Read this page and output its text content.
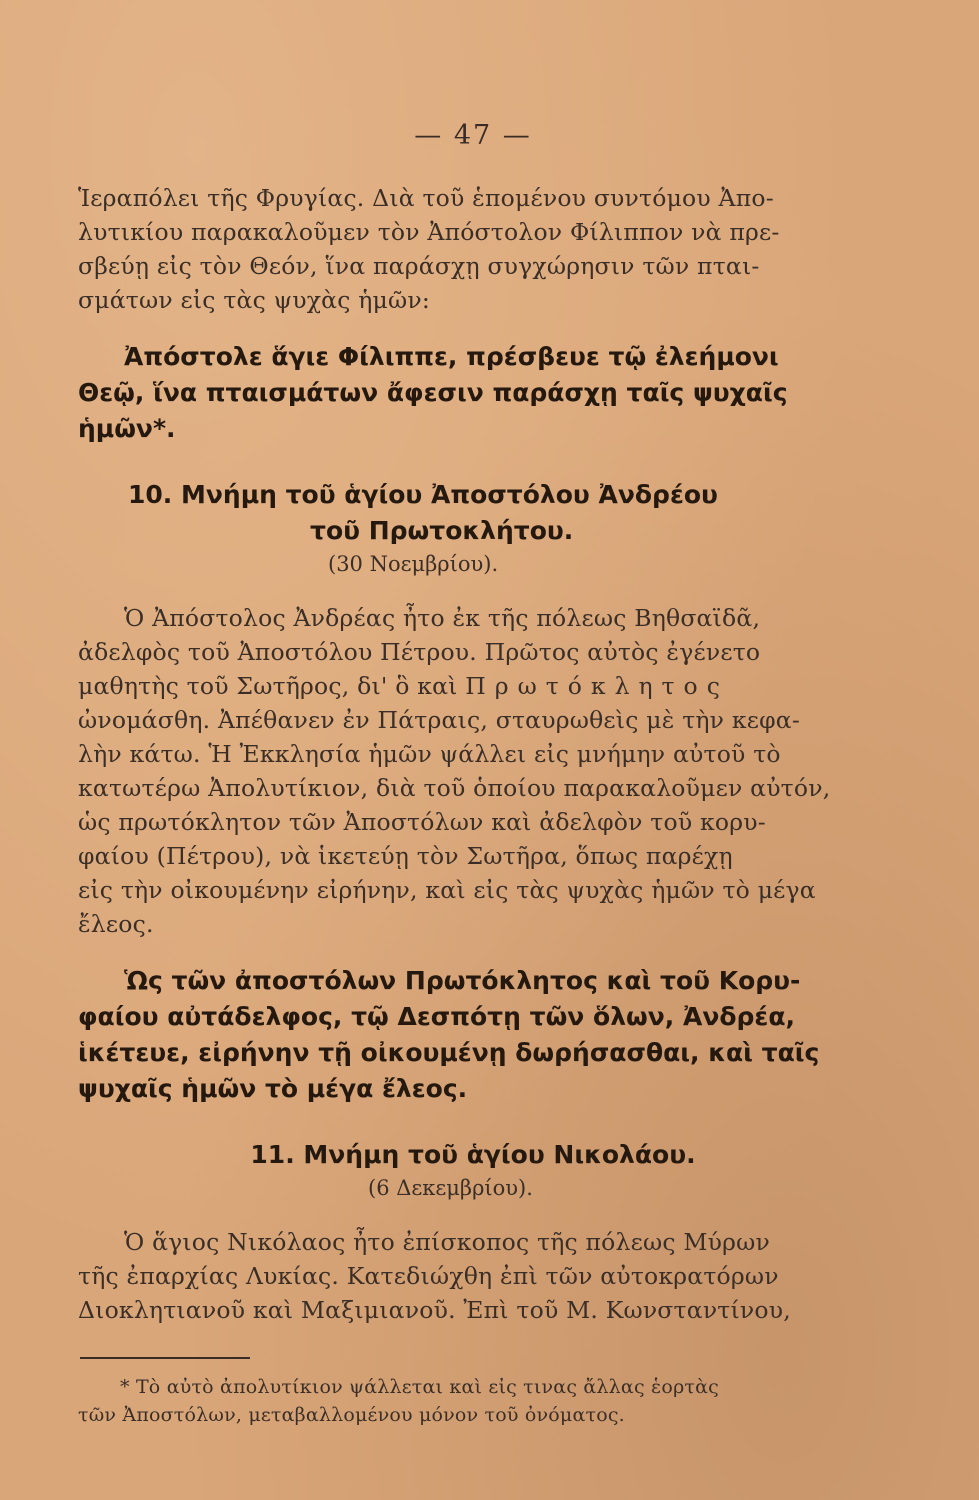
— 47 —

Ἱεραπόλει τῆς Φρυγίας. Διὰ τοῦ ἑπομένου συντόμου Ἀπο-
λυτικίου παρακαλοῦμεν τὸν Ἀπόστολον Φίλιππον νὰ πρε-
σβεύῃ εἰς τὸν Θεόν, ἵνα παράσχῃ συγχώρησιν τῶν πται-
σμάτων εἰς τὰς ψυχὰς ἡμῶν:

Ἀπόστολε ἅγιε Φίλιππε, πρέσβευε τῷ ἐλεήμονι
Θεῷ, ἵνα πταισμάτων ἄφεσιν παράσχῃ ταῖς ψυχαῖς
ἡμῶν*.

10. Μνήμη τοῦ ἁγίου Ἀποστόλου Ἀνδρέου
τοῦ Πρωτοκλήτου.
(30 Νοεμβρίου).

Ὁ Ἀπόστολος Ἀνδρέας ἦτο ἐκ τῆς πόλεως Βηθσαϊδᾶ,
ἀδελφὸς τοῦ Ἀποστόλου Πέτρου. Πρῶτος αὐτὸς ἐγένετο
μαθητὴς τοῦ Σωτῆρος, δι' ὃ καὶ Πρωτόκλητος
ὠνομάσθη. Ἀπέθανεν ἐν Πάτραις, σταυρωθεὶς μὲ τὴν κεφα-
λὴν κάτω. Ἡ Ἐκκλησία ἡμῶν ψάλλει εἰς μνήμην αὐτοῦ τὸ
κατωτέρω Ἀπολυτίκιον, διὰ τοῦ ὁποίου παρακαλοῦμεν αὐτόν,
ὡς πρωτόκλητον τῶν Ἀποστόλων καὶ ἀδελφὸν τοῦ κορυ-
φαίου (Πέτρου), νὰ ἱκετεύῃ τὸν Σωτῆρα, ὅπως παρέχῃ
εἰς τὴν οἰκουμένην εἰρήνην, καὶ εἰς τὰς ψυχὰς ἡμῶν τὸ μέγα
ἔλεος.

Ὡς τῶν ἀποστόλων Πρωτόκλητος καὶ τοῦ Κορυ-
φαίου αὐτάδελφος, τῷ Δεσπότῃ τῶν ὅλων, Ἀνδρέα,
ἱκέτευε, εἰρήνην τῇ οἰκουμένῃ δωρήσασθαι, καὶ ταῖς
ψυχαῖς ἡμῶν τὸ μέγα ἔλεος.

11. Μνήμη τοῦ ἁγίου Νικολάου.
(6 Δεκεμβρίου).

Ὁ ἅγιος Νικόλαος ἦτο ἐπίσκοπος τῆς πόλεως Μύρων
τῆς ἐπαρχίας Λυκίας. Κατεδιώχθη ἐπὶ τῶν αὐτοκρατόρων
Διοκλητιανοῦ καὶ Μαξιμιανοῦ. Ἐπὶ τοῦ Μ. Κωνσταντίνου,

* Τὸ αὐτὸ ἀπολυτίκιον ψάλλεται καὶ εἰς τινας ἄλλας ἑορτὰς
τῶν Ἀποστόλων, μεταβαλλομένου μόνον τοῦ ὀνόματος.
